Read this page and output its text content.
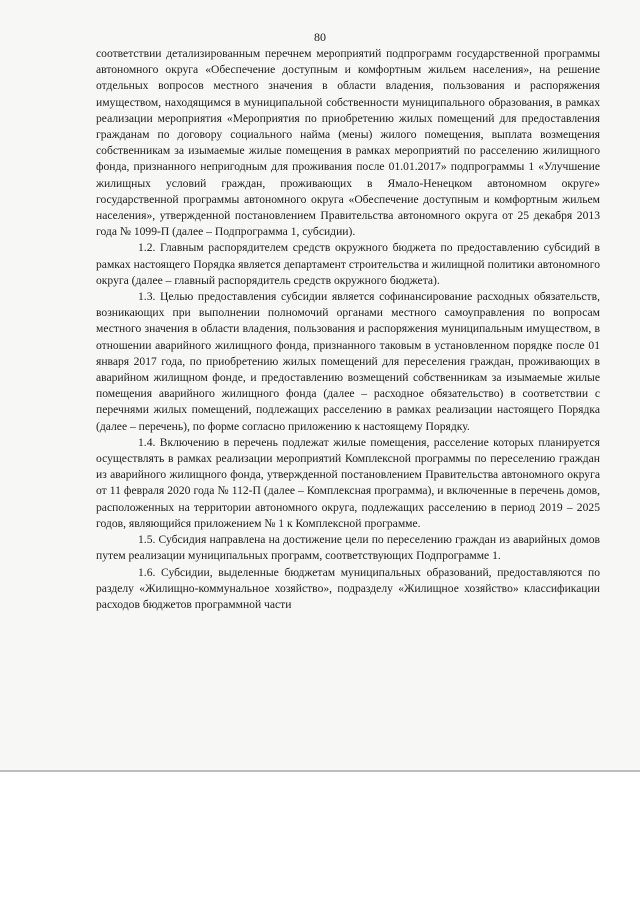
80

соответствии детализированным перечнем мероприятий подпрограмм государственной программы автономного округа «Обеспечение доступным и комфортным жильем населения», на решение отдельных вопросов местного значения в области владения, пользования и распоряжения имуществом, находящимся в муниципальной собственности муниципального образования, в рамках реализации мероприятия «Мероприятия по приобретению жилых помещений для предоставления гражданам по договору социального найма (мены) жилого помещения, выплата возмещения собственникам за изымаемые жилые помещения в рамках мероприятий по расселению жилищного фонда, признанного непригодным для проживания после 01.01.2017» подпрограммы 1 «Улучшение жилищных условий граждан, проживающих в Ямало-Ненецком автономном округе» государственной программы автономного округа «Обеспечение доступным и комфортным жильем населения», утвержденной постановлением Правительства автономного округа от 25 декабря 2013 года № 1099-П (далее – Подпрограмма 1, субсидии).

1.2. Главным распорядителем средств окружного бюджета по предоставлению субсидий в рамках настоящего Порядка является департамент строительства и жилищной политики автономного округа (далее – главный распорядитель средств окружного бюджета).

1.3. Целью предоставления субсидии является софинансирование расходных обязательств, возникающих при выполнении полномочий органами местного самоуправления по вопросам местного значения в области владения, пользования и распоряжения муниципальным имуществом, в отношении аварийного жилищного фонда, признанного таковым в установленном порядке после 01 января 2017 года, по приобретению жилых помещений для переселения граждан, проживающих в аварийном жилищном фонде, и предоставлению возмещений собственникам за изымаемые жилые помещения аварийного жилищного фонда (далее – расходное обязательство) в соответствии с перечнями жилых помещений, подлежащих расселению в рамках реализации настоящего Порядка (далее – перечень), по форме согласно приложению к настоящему Порядку.

1.4. Включению в перечень подлежат жилые помещения, расселение которых планируется осуществлять в рамках реализации мероприятий Комплексной программы по переселению граждан из аварийного жилищного фонда, утвержденной постановлением Правительства автономного округа от 11 февраля 2020 года № 112-П (далее – Комплексная программа), и включенные в перечень домов, расположенных на территории автономного округа, подлежащих расселению в период 2019 – 2025 годов, являющийся приложением № 1 к Комплексной программе.

1.5. Субсидия направлена на достижение цели по переселению граждан из аварийных домов путем реализации муниципальных программ, соответствующих Подпрограмме 1.

1.6. Субсидии, выделенные бюджетам муниципальных образований, предоставляются по разделу «Жилищно-коммунальное хозяйство», подразделу «Жилищное хозяйство» классификации расходов бюджетов программной части
